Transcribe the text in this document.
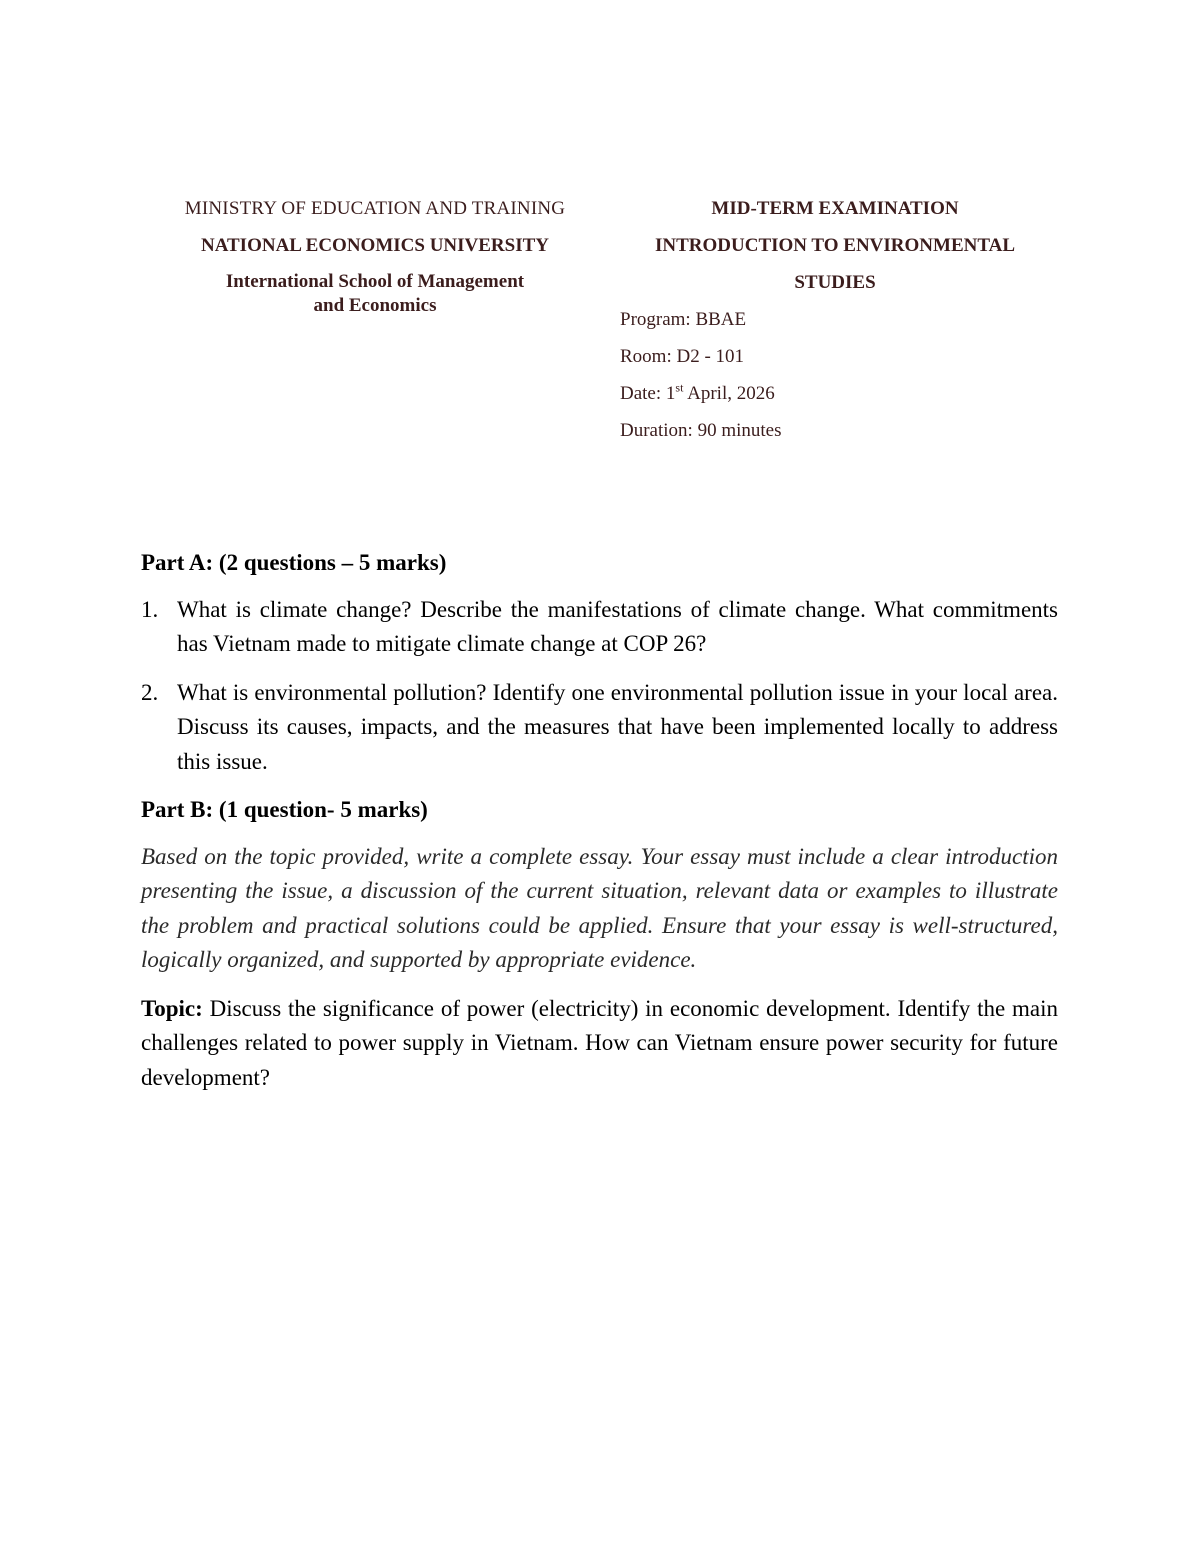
MINISTRY OF EDUCATION AND TRAINING
NATIONAL ECONOMICS UNIVERSITY
International School of Management
and Economics
MID-TERM EXAMINATION
INTRODUCTION TO ENVIRONMENTAL
STUDIES
Program: BBAE
Room: D2 - 101
Date: 1st April, 2026
Duration: 90 minutes
Part A: (2 questions – 5 marks)
1. What is climate change? Describe the manifestations of climate change. What commitments has Vietnam made to mitigate climate change at COP 26?
2. What is environmental pollution? Identify one environmental pollution issue in your local area. Discuss its causes, impacts, and the measures that have been implemented locally to address this issue.
Part B: (1 question- 5 marks)

Based on the topic provided, write a complete essay. Your essay must include a clear introduction presenting the issue, a discussion of the current situation, relevant data or examples to illustrate the problem and practical solutions could be applied. Ensure that your essay is well-structured, logically organized, and supported by appropriate evidence.

Topic: Discuss the significance of power (electricity) in economic development. Identify the main challenges related to power supply in Vietnam. How can Vietnam ensure power security for future development?
